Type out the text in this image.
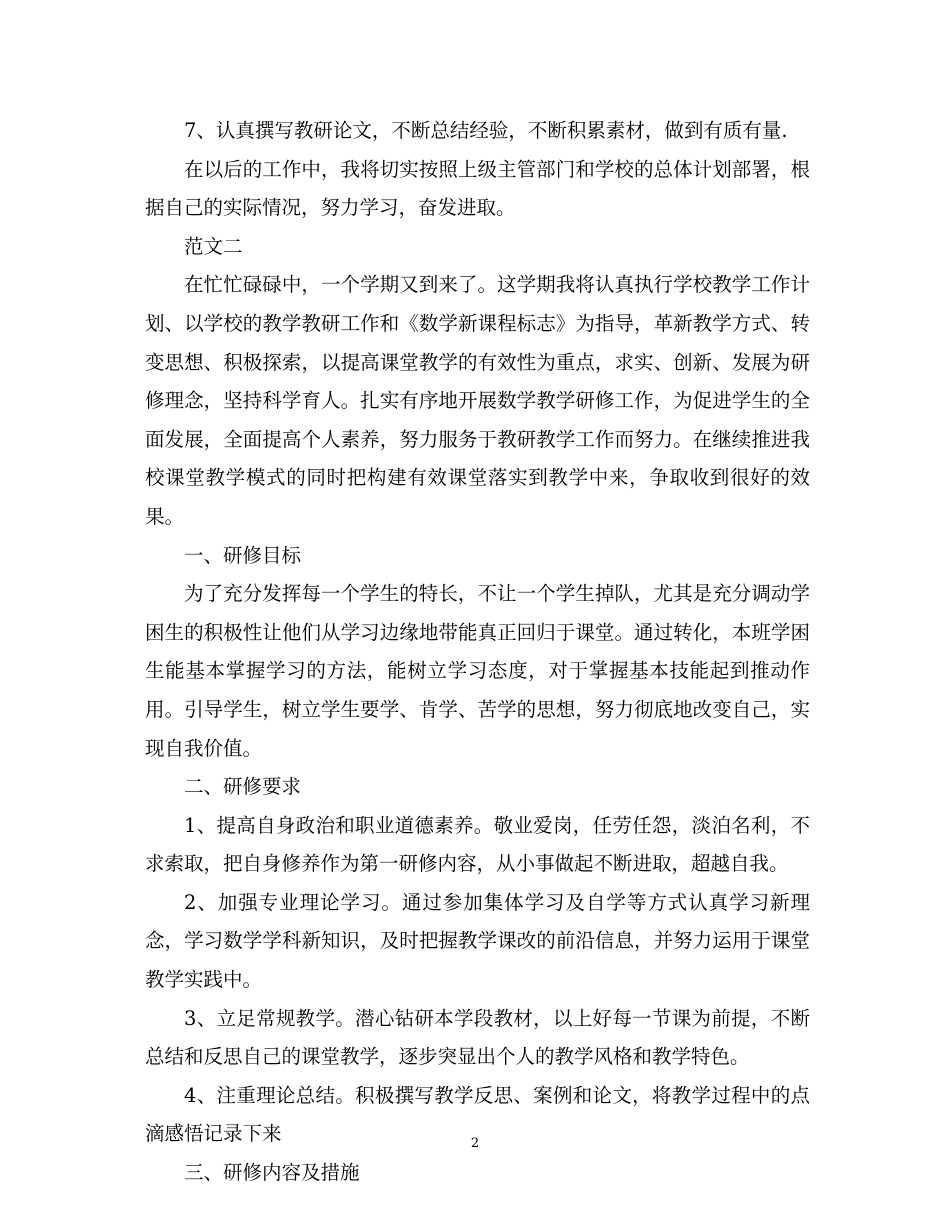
7、认真撰写教研论文，不断总结经验，不断积累素材，做到有质有量.

在以后的工作中，我将切实按照上级主管部门和学校的总体计划部署，根据自己的实际情况，努力学习，奋发进取。

范文二

在忙忙碌碌中，一个学期又到来了。这学期我将认真执行学校教学工作计划、以学校的教学教研工作和《数学新课程标志》为指导，革新教学方式、转变思想、积极探索，以提高课堂教学的有效性为重点，求实、创新、发展为研修理念，坚持科学育人。扎实有序地开展数学教学研修工作，为促进学生的全面发展，全面提高个人素养，努力服务于教研教学工作而努力。在继续推进我校课堂教学模式的同时把构建有效课堂落实到教学中来，争取收到很好的效果。

一、研修目标

为了充分发挥每一个学生的特长，不让一个学生掉队，尤其是充分调动学困生的积极性让他们从学习边缘地带能真正回归于课堂。通过转化，本班学困生能基本掌握学习的方法，能树立学习态度，对于掌握基本技能起到推动作用。引导学生，树立学生要学、肯学、苦学的思想，努力彻底地改变自己，实现自我价值。

二、研修要求

1、提高自身政治和职业道德素养。敬业爱岗，任劳任怨，淡泊名利，不求索取，把自身修养作为第一研修内容，从小事做起不断进取，超越自我。

2、加强专业理论学习。通过参加集体学习及自学等方式认真学习新理念，学习数学学科新知识，及时把握教学课改的前沿信息，并努力运用于课堂教学实践中。

3、立足常规教学。潜心钻研本学段教材，以上好每一节课为前提，不断总结和反思自己的课堂教学，逐步突显出个人的教学风格和教学特色。

4、注重理论总结。积极撰写教学反思、案例和论文，将教学过程中的点滴感悟记录下来

三、研修内容及措施

2
